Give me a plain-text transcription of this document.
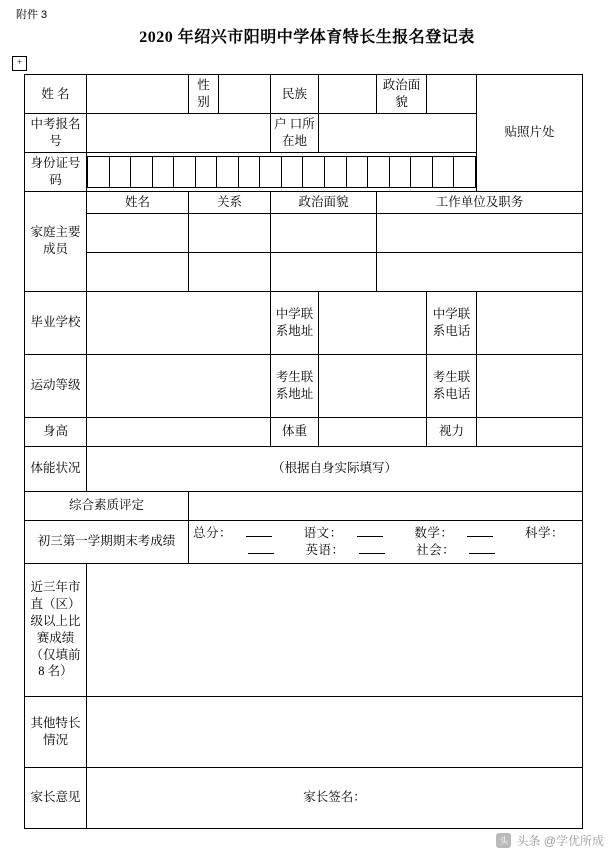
附件 3
+
2020 年绍兴市阳明中学体育特长生报名登记表
姓 名		性别		民族		政治面貌		贴照片处
中考报名号		户 口所在地	
身份证号码	

家庭主要成员	姓名	关系	政治面貌	工作单位及职务

毕业学校		中学联系地址		中学联系电话	
运动等级		考生联系地址		考生联系电话	
身高		体重		视力	
体能状况	（根据自身实际填写）
综合素质评定	
初三第一学期期末考成绩	总分：	语文：	数学：	科学： 英语：	社会：
近三年市直（区）级以上比赛成绩（仅填前 8 名）	
其他特长情况	
家长意见	家长签名：
头 头条 @学优所成
